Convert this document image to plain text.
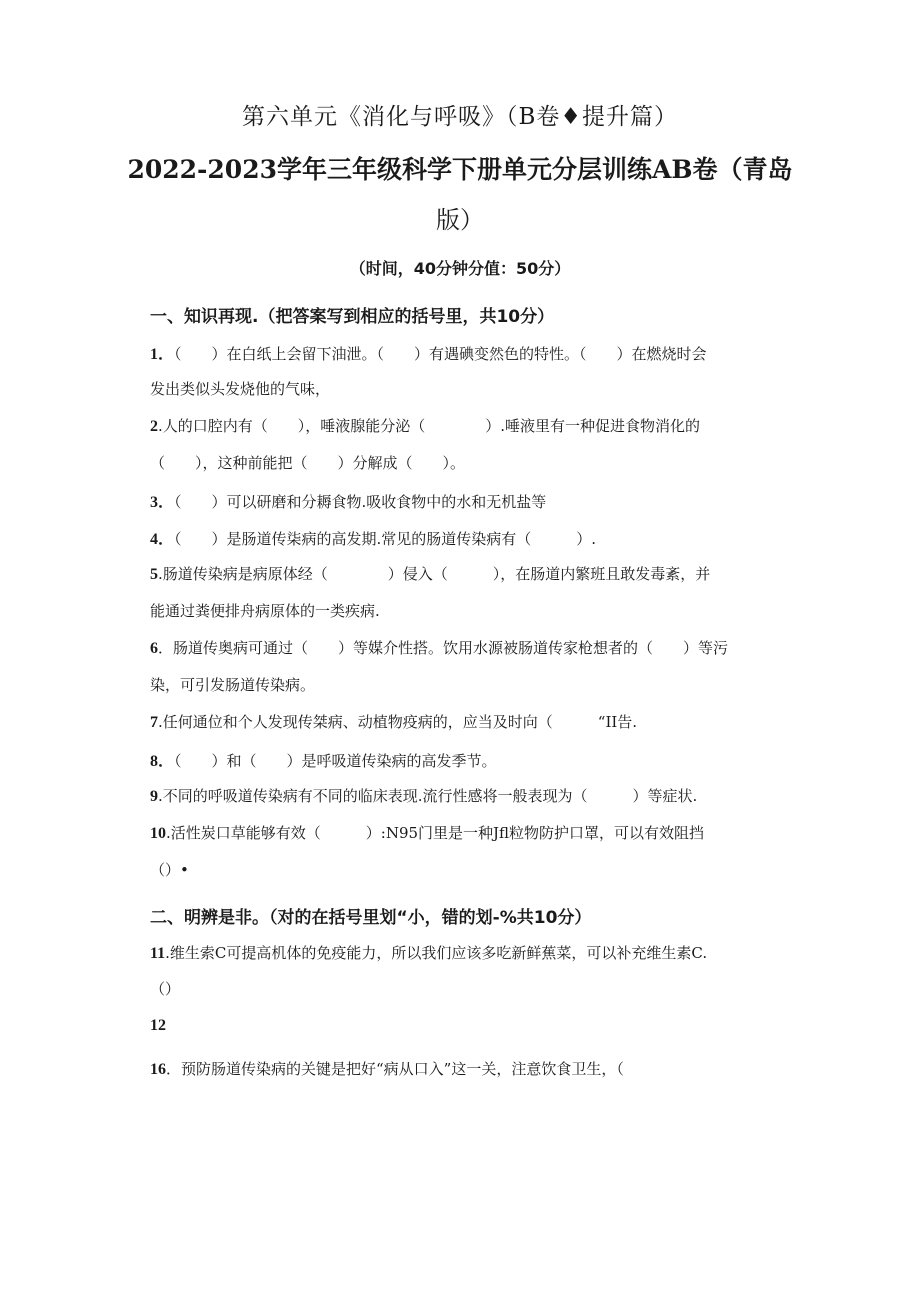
第六单元《消化与呼吸》（B卷♦提升篇）
2022-2023学年三年级科学下册单元分层训练AB卷（青岛
版）
（时间，40分钟分值：50分）
一、知识再现.（把答案写到相应的括号里，共10分）
1．（　　）在白纸上会留下油泄。（　　）有遇碘变然色的特性。（　　）在燃烧时会
发出类似头发烧他的气味，
2.人的口腔内有（　　），唾液腺能分泌（　　　　）.唾液里有一种促进食物消化的
（　　），这种前能把（　　）分解成（　　）。
3．（　　）可以研磨和分耨食物.吸收食物中的水和无机盐等
4．（　　）是肠道传柒病的高发期.常见的肠道传染病有（　　　）.
5.肠道传染病是病原体经（　　　　）侵入（　　　），在肠道内繁班且敢发毒紊，并
能通过粪便排舟病原体的一类疾病.
6．肠道传奥病可通过（　　）等媒介性搭。饮用水源被肠道传家枪想者的（　　）等污
染，可引发肠道传染病。
7.任何通位和个人发现传桀病、动植物疫病的，应当及时向（　　　“II告.
8．（　　）和（　　）是呼吸道传染病的高发季节。
9.不同的呼吸道传染病有不同的临床表现.流行性感将一般表现为（　　　）等症状.
10.活性炭口草能够有效（　　　）:N95门里是一种Jfl粒物防护口罩，可以有效阻挡
（）•
二、明辨是非。（对的在括号里划“小，错的划-%共10分）
11.维生索C可提高机体的免疫能力，所以我们应该多吃新鲜蕉菜，可以补充维生素C.
（）
12
16．预防肠道传染病的关键是把好“病从口入”这一关，注意饮食卫生，（
